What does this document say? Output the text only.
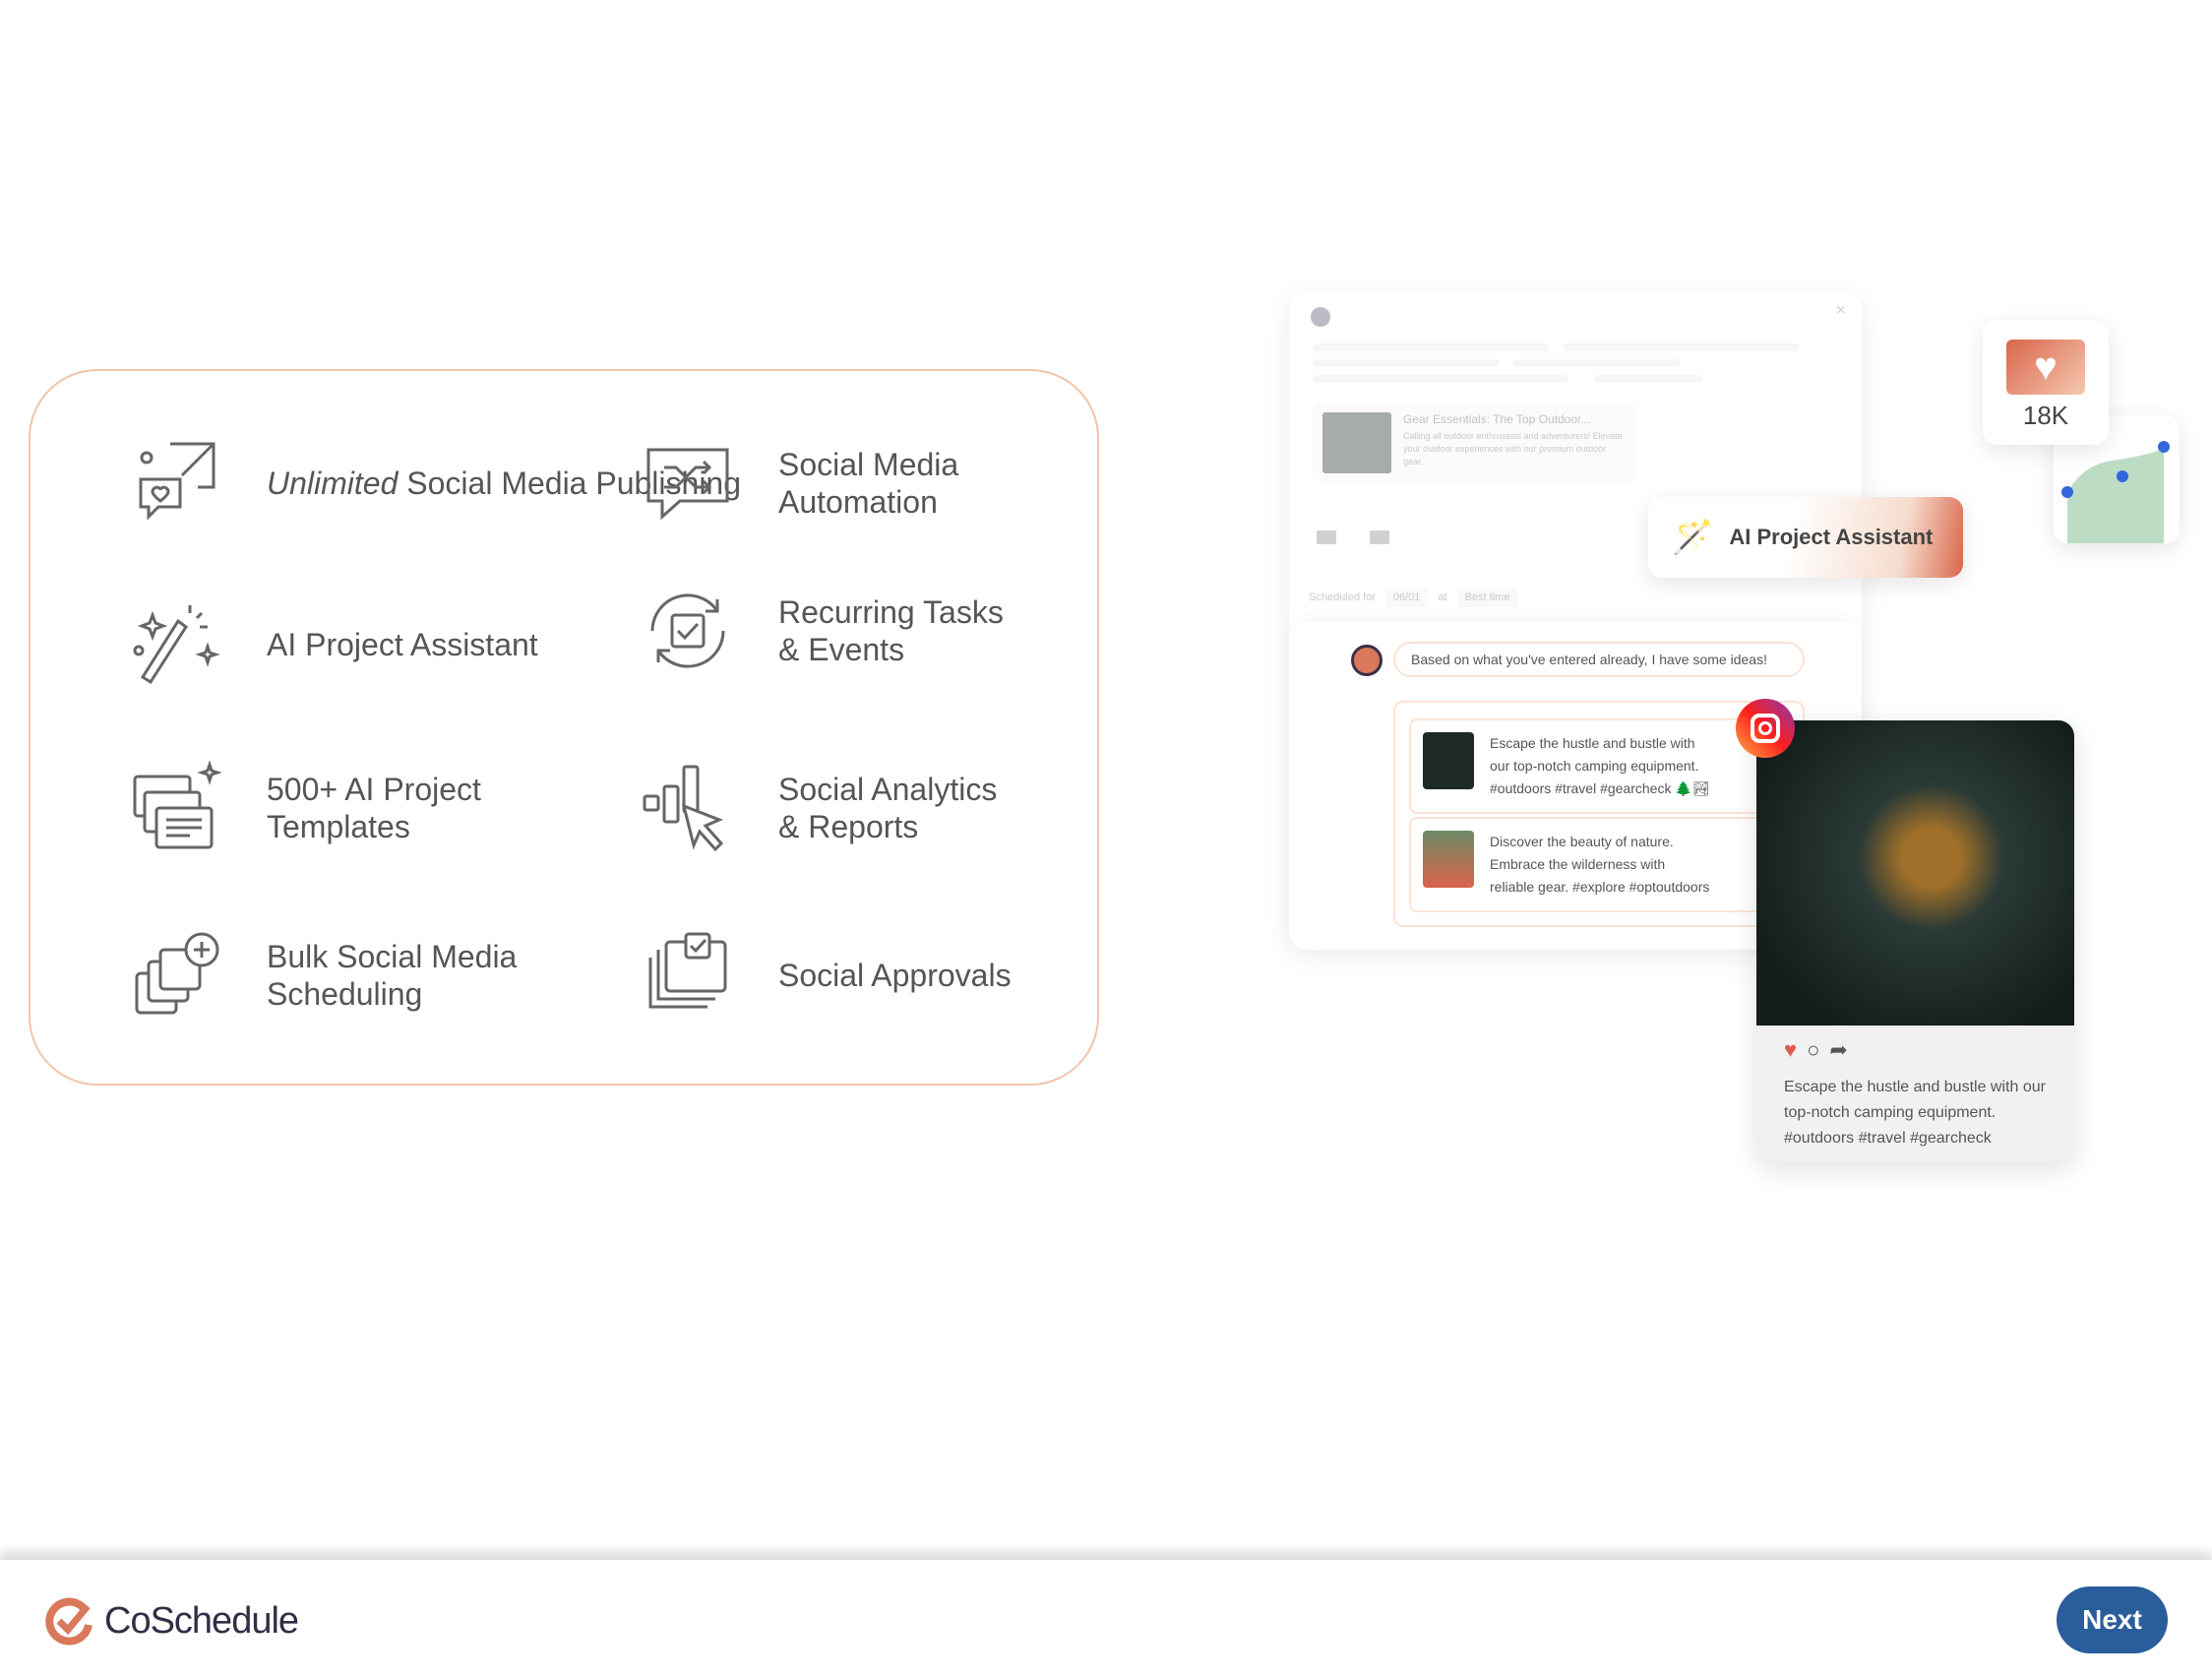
Unlimited Social Media Publishing
Social Media Automation
AI Project Assistant
Recurring Tasks & Events
500+ AI Project Templates
Social Analytics & Reports
Bulk Social Media Scheduling
Social Approvals
×
Gear Essentials: The Top Outdoor...
Calling all outdoor enthusiasts and adventurers! Elevate your outdoor experiences with our premium outdoor gear.
Scheduled for	06/01	at	Best time
Based on what you've entered already, I have some ideas!
Escape the hustle and bustle with our top-notch camping equipment. #outdoors #travel #gearcheck 🌲🏞
Discover the beauty of nature. Embrace the wilderness with reliable gear. #explore #optoutdoors
🪄 AI Project Assistant
♥
18K
♥ ○ ➦
Escape the hustle and bustle with our top-notch camping equipment. #outdoors #travel #gearcheck
CoSchedule	Next
